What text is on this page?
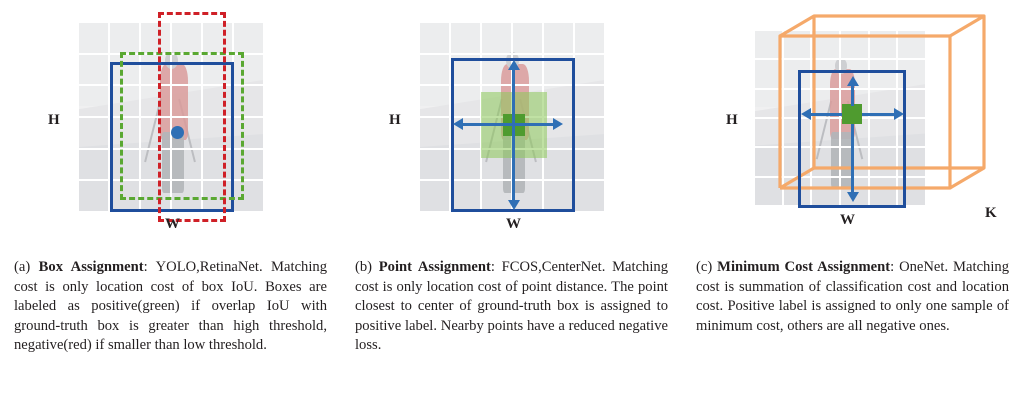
H
W
H
W
H
W	K
(a) Box Assignment: YOLO,RetinaNet. Matching cost is only location cost of box IoU. Boxes are labeled as positive(green) if overlap IoU with ground-truth box is greater than high threshold, negative(red) if smaller than low threshold.
(b) Point Assignment: FCOS,CenterNet. Matching cost is only location cost of point distance. The point closest to center of ground-truth box is assigned to positive label. Nearby points have a reduced negative loss.
(c) Minimum Cost Assignment: OneNet. Matching cost is summation of classification cost and location cost. Positive label is assigned to only one sample of minimum cost, others are all negative ones.
